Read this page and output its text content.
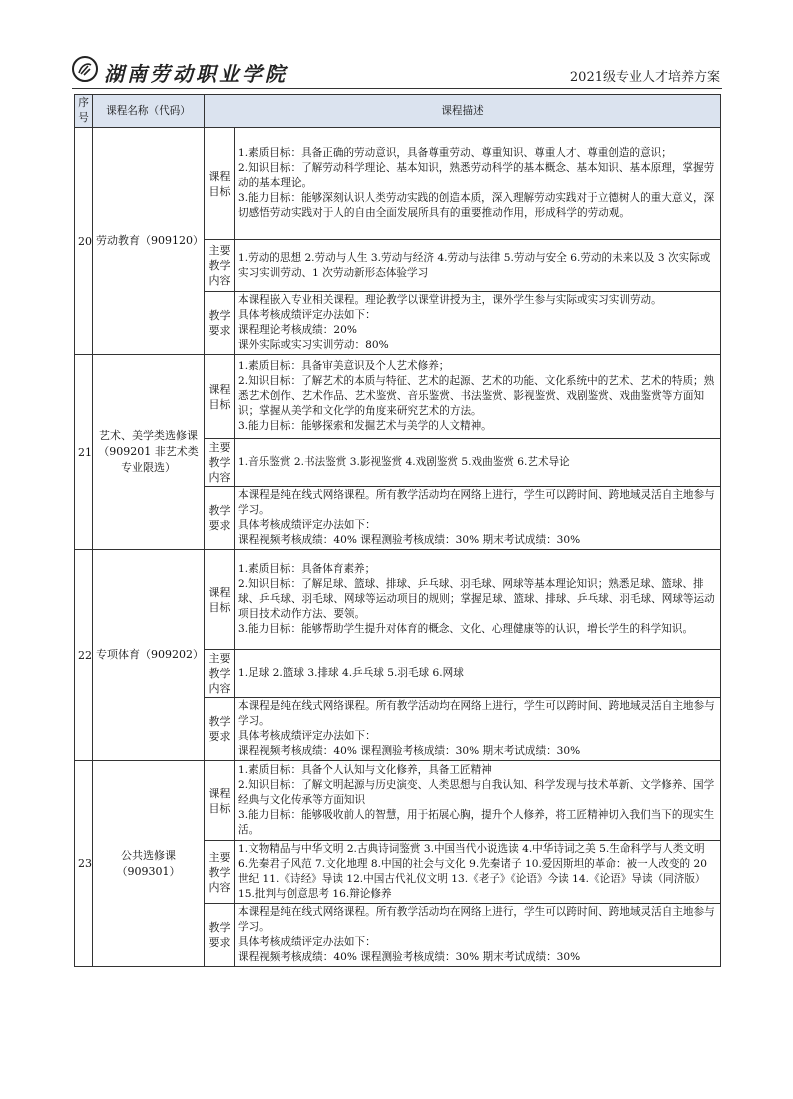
湖南劳动职业学院	2021级专业人才培养方案
序号	课程名称（代码）	课程描述	
20	劳动教育（909120）	课程目标	1.素质目标：具备正确的劳动意识，具备尊重劳动、尊重知识、尊重人才、尊重创造的意识；
2.知识目标：了解劳动科学理论、基本知识，熟悉劳动科学的基本概念、基本知识、基本原理，掌握劳动的基本理论。
3.能力目标：能够深刻认识人类劳动实践的创造本质，深入理解劳动实践对于立德树人的重大意义，深切感悟劳动实践对于人的自由全面发展所具有的重要推动作用，形成科学的劳动观。

		主要教学内容	1.劳动的思想 2.劳动与人生 3.劳动与经济 4.劳动与法律 5.劳动与安全 6.劳动的未来以及 3 次实际或实习实训劳动、1 次劳动新形态体验学习

		教学要求	本课程嵌入专业相关课程。理论教学以课堂讲授为主，课外学生参与实际或实习实训劳动。
具体考核成绩评定办法如下：
课程理论考核成绩：20%
课外实际或实习实训劳动：80%

21	艺术、美学类选修课（909201 非艺术类专业限选）	课程目标	1.素质目标：具备审美意识及个人艺术修养；
2.知识目标：了解艺术的本质与特征、艺术的起源、艺术的功能、文化系统中的艺术、艺术的特质；熟悉艺术创作、艺术作品、艺术鉴赏、音乐鉴赏、书法鉴赏、影视鉴赏、戏剧鉴赏、戏曲鉴赏等方面知识；掌握从美学和文化学的角度来研究艺术的方法。
3.能力目标：能够探索和发掘艺术与美学的人文精神。

		主要教学内容	1.音乐鉴赏 2.书法鉴赏 3.影视鉴赏 4.戏剧鉴赏 5.戏曲鉴赏 6.艺术导论

		教学要求	本课程是纯在线式网络课程。所有教学活动均在网络上进行，学生可以跨时间、跨地域灵活自主地参与学习。
具体考核成绩评定办法如下：
课程视频考核成绩：40% 课程测验考核成绩：30% 期末考试成绩：30%

22	专项体育（909202）	课程目标	1.素质目标：具备体育素养；
2.知识目标：了解足球、篮球、排球、乒乓球、羽毛球、网球等基本理论知识；熟悉足球、篮球、排球、乒乓球、羽毛球、网球等运动项目的规则；掌握足球、篮球、排球、乒乓球、羽毛球、网球等运动项目技术动作方法、要领。
3.能力目标：能够帮助学生提升对体育的概念、文化、心理健康等的认识，增长学生的科学知识。

		主要教学内容	1.足球 2.篮球 3.排球 4.乒乓球 5.羽毛球 6.网球

		教学要求	本课程是纯在线式网络课程。所有教学活动均在网络上进行，学生可以跨时间、跨地域灵活自主地参与学习。
具体考核成绩评定办法如下：
课程视频考核成绩：40% 课程测验考核成绩：30% 期末考试成绩：30%

23	公共选修课（909301）	课程目标	1.素质目标：具备个人认知与文化修养，具备工匠精神
2.知识目标：了解文明起源与历史演变、人类思想与自我认知、科学发现与技术革新、文学修养、国学经典与文化传承等方面知识
3.能力目标：能够吸收前人的智慧，用于拓展心胸，提升个人修养，将工匠精神切入我们当下的现实生活。

		主要教学内容	1.文物精品与中华文明 2.古典诗词鉴赏 3.中国当代小说选读 4.中华诗词之美 5.生命科学与人类文明 6.先秦君子风范 7.文化地理 8.中国的社会与文化 9.先秦诸子 10.爱因斯坦的革命：被一人改变的 20 世纪 11.《诗经》导读 12.中国古代礼仪文明 13.《老子》《论语》今读 14.《论语》导读（同济版）15.批判与创意思考 16.辩论修养

		教学要求	本课程是纯在线式网络课程。所有教学活动均在网络上进行，学生可以跨时间、跨地域灵活自主地参与学习。
具体考核成绩评定办法如下：
课程视频考核成绩：40% 课程测验考核成绩：30% 期末考试成绩：30%
